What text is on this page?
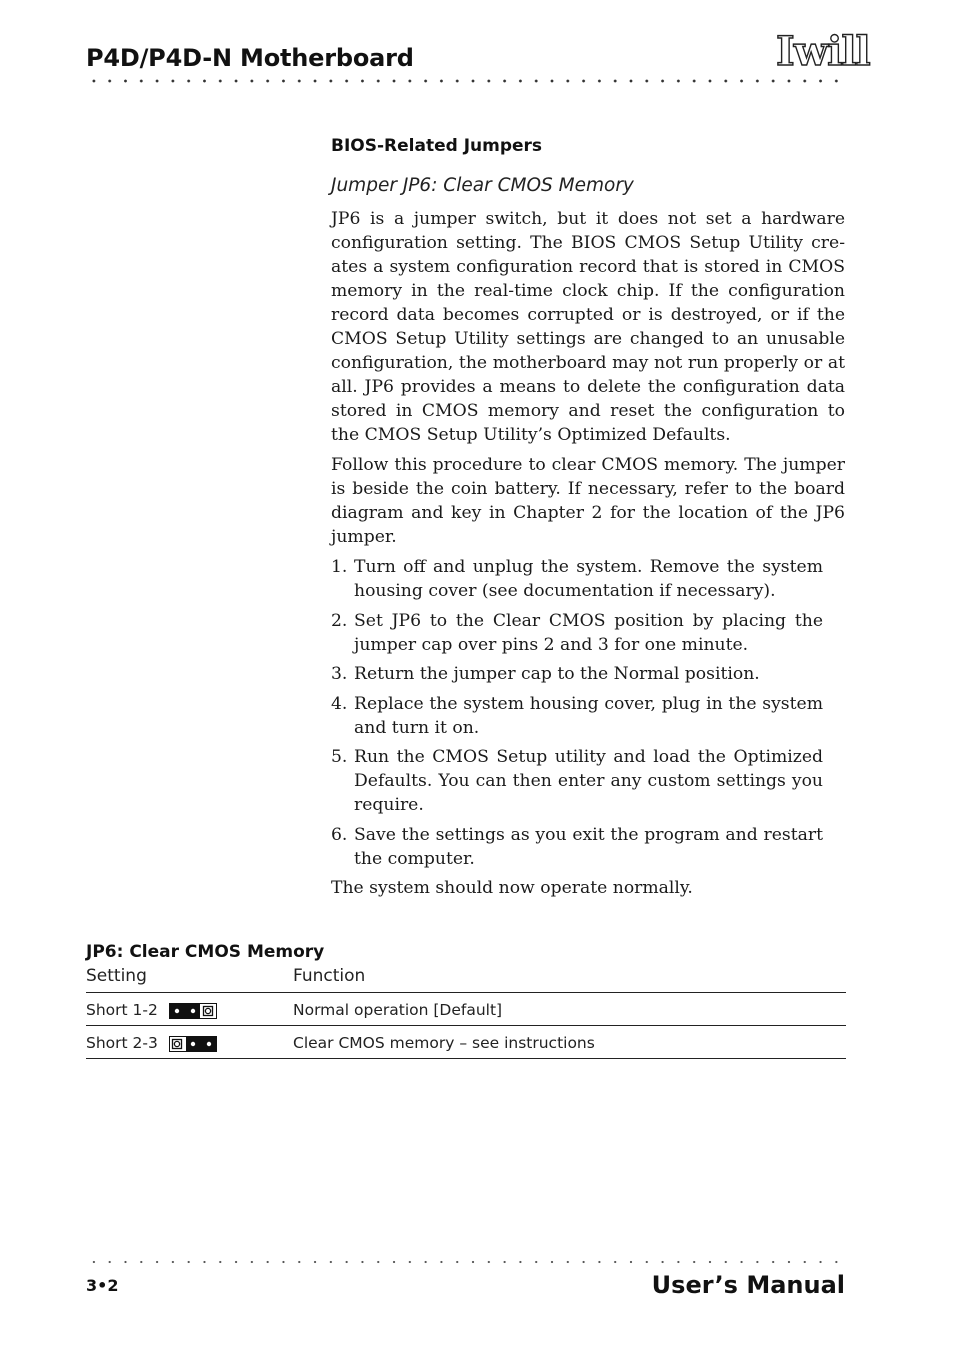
P4D/P4D-N Motherboard	Iwill
BIOS-Related Jumpers
Jumper JP6: Clear CMOS Memory

JP6 is a jumper switch, but it does not set a hardware configuration setting. The BIOS CMOS Setup Utility creates a system configuration record that is stored in CMOS memory in the real-time clock chip. If the configuration record data becomes corrupted or is destroyed, or if the CMOS Setup Utility settings are changed to an unusable configuration, the motherboard may not run properly or at all. JP6 provides a means to delete the configuration data stored in CMOS memory and reset the configuration to the CMOS Setup Utility’s Optimized Defaults.

Follow this procedure to clear CMOS memory. The jumper is beside the coin battery. If necessary, refer to the board diagram and key in Chapter 2 for the location of the JP6 jumper.

1. Turn off and unplug the system. Remove the system housing cover (see documentation if necessary).
2. Set JP6 to the Clear CMOS position by placing the jumper cap over pins 2 and 3 for one minute.
3. Return the jumper cap to the Normal position.
4. Replace the system housing cover, plug in the system and turn it on.
5. Run the CMOS Setup utility and load the Optimized Defaults. You can then enter any custom settings you require.
6. Save the settings as you exit the program and restart the computer.

The system should now operate normally.

JP6: Clear CMOS Memory
Setting	Function
Short 1-2	Normal operation [Default]
Short 2-3	Clear CMOS memory – see instructions
3•2	User’s Manual
